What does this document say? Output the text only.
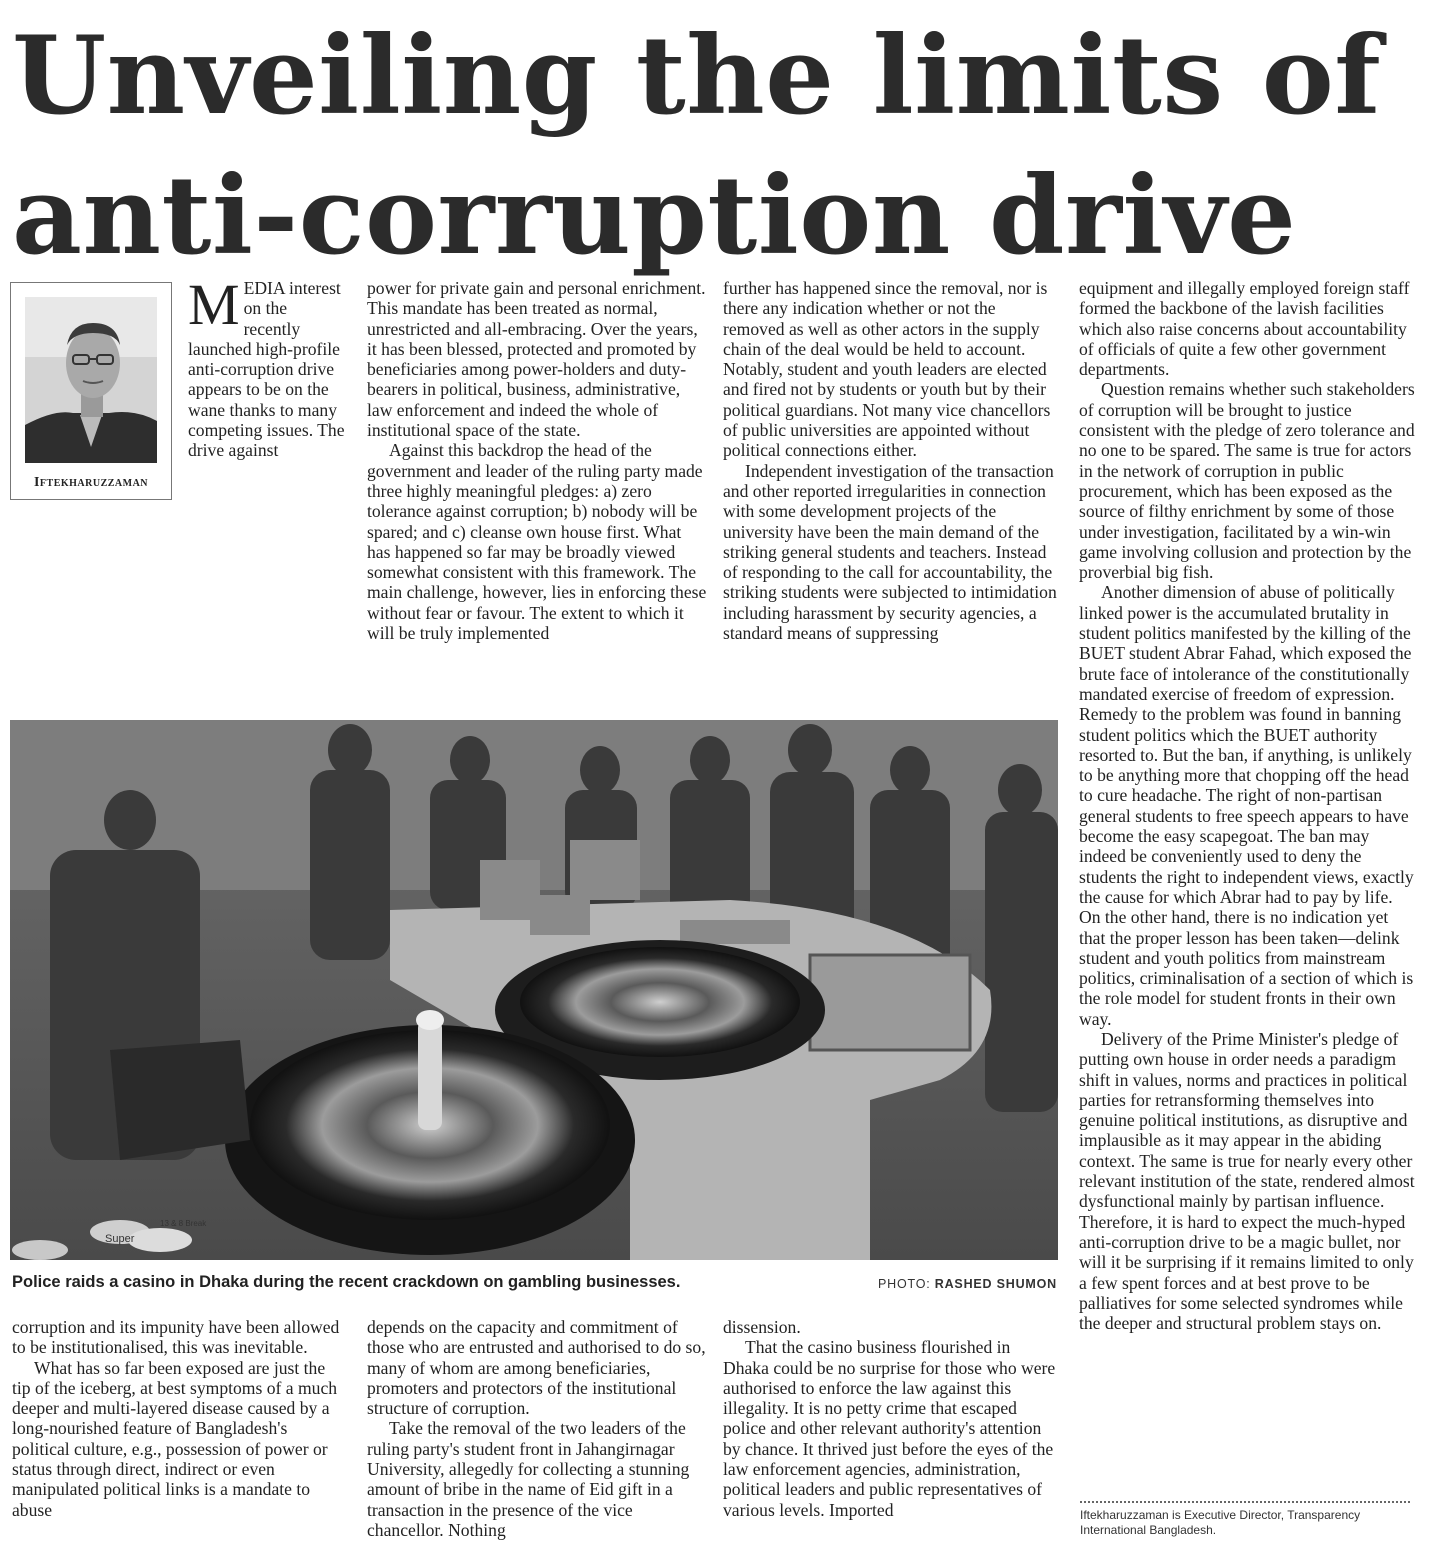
Unveiling the limits of anti-corruption drive
Iftekharuzzaman

MEDIA interest on the recently launched high-profile anti-corruption drive appears to be on the wane thanks to many competing issues. The drive against

power for private gain and personal enrichment. This mandate has been treated as normal, unrestricted and all-embracing. Over the years, it has been blessed, protected and promoted by beneficiaries among power-holders and duty-bearers in political, business, administrative, law enforcement and indeed the whole of institutional space of the state.

Against this backdrop the head of the government and leader of the ruling party made three highly meaningful pledges: a) zero tolerance against corruption; b) nobody will be spared; and c) cleanse own house first. What has happened so far may be broadly viewed somewhat consistent with this framework. The main challenge, however, lies in enforcing these without fear or favour. The extent to which it will be truly implemented

further has happened since the removal, nor is there any indication whether or not the removed as well as other actors in the supply chain of the deal would be held to account. Notably, student and youth leaders are elected and fired not by students or youth but by their political guardians. Not many vice chancellors of public universities are appointed without political connections either.

Independent investigation of the transaction and other reported irregularities in connection with some development projects of the university have been the main demand of the striking general students and teachers. Instead of responding to the call for accountability, the striking students were subjected to intimidation including harassment by security agencies, a standard means of suppressing

Super
13 & 8 Break
Police raids a casino in Dhaka during the recent crackdown on gambling businesses.	PHOTO: RASHED SHUMON

corruption and its impunity have been allowed to be institutionalised, this was inevitable.

What has so far been exposed are just the tip of the iceberg, at best symptoms of a much deeper and multi-layered disease caused by a long-nourished feature of Bangladesh's political culture, e.g., possession of power or status through direct, indirect or even manipulated political links is a mandate to abuse

depends on the capacity and commitment of those who are entrusted and authorised to do so, many of whom are among beneficiaries, promoters and protectors of the institutional structure of corruption.

Take the removal of the two leaders of the ruling party's student front in Jahangirnagar University, allegedly for collecting a stunning amount of bribe in the name of Eid gift in a transaction in the presence of the vice chancellor. Nothing

dissension.

That the casino business flourished in Dhaka could be no surprise for those who were authorised to enforce the law against this illegality. It is no petty crime that escaped police and other relevant authority's attention by chance. It thrived just before the eyes of the law enforcement agencies, administration, political leaders and public representatives of various levels. Imported

equipment and illegally employed foreign staff formed the backbone of the lavish facilities which also raise concerns about accountability of officials of quite a few other government departments.

Question remains whether such stakeholders of corruption will be brought to justice consistent with the pledge of zero tolerance and no one to be spared. The same is true for actors in the network of corruption in public procurement, which has been exposed as the source of filthy enrichment by some of those under investigation, facilitated by a win-win game involving collusion and protection by the proverbial big fish.

Another dimension of abuse of politically linked power is the accumulated brutality in student politics manifested by the killing of the BUET student Abrar Fahad, which exposed the brute face of intolerance of the constitutionally mandated exercise of freedom of expression. Remedy to the problem was found in banning student politics which the BUET authority resorted to. But the ban, if anything, is unlikely to be anything more that chopping off the head to cure headache. The right of non-partisan general students to free speech appears to have become the easy scapegoat. The ban may indeed be conveniently used to deny the students the right to independent views, exactly the cause for which Abrar had to pay by life. On the other hand, there is no indication yet that the proper lesson has been taken—delink student and youth politics from mainstream politics, criminalisation of a section of which is the role model for student fronts in their own way.

Delivery of the Prime Minister's pledge of putting own house in order needs a paradigm shift in values, norms and practices in political parties for retransforming themselves into genuine political institutions, as disruptive and implausible as it may appear in the abiding context. The same is true for nearly every other relevant institution of the state, rendered almost dysfunctional mainly by partisan influence. Therefore, it is hard to expect the much-hyped anti-corruption drive to be a magic bullet, nor will it be surprising if it remains limited to only a few spent forces and at best prove to be palliatives for some selected syndromes while the deeper and structural problem stays on.

Iftekharuzzaman is Executive Director, Transparency International Bangladesh.
